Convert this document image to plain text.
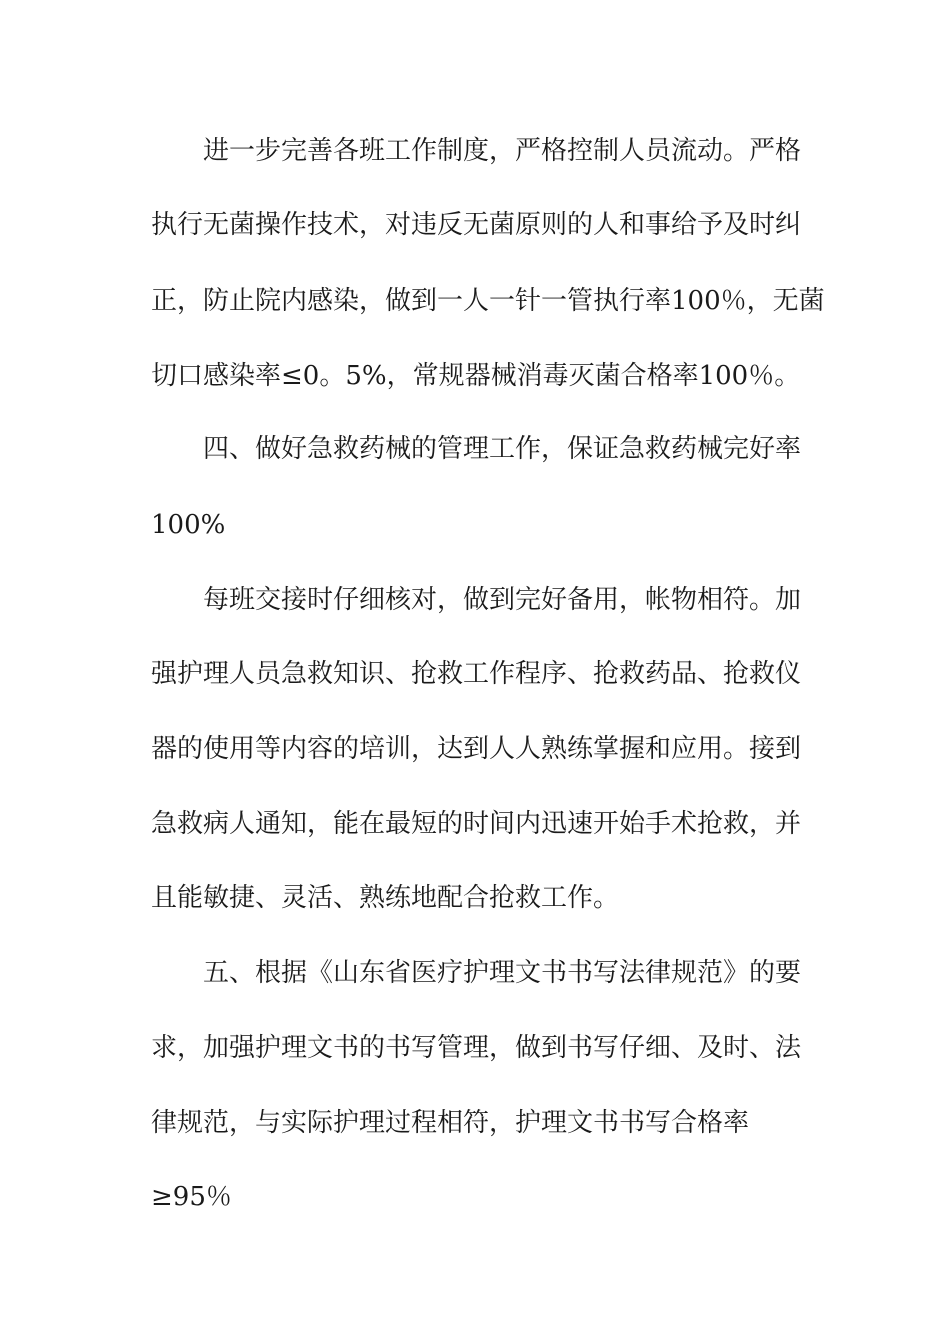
进一步完善各班工作制度，严格控制人员流动。严格

执行无菌操作技术，对违反无菌原则的人和事给予及时纠

正，防止院内感染，做到一人一针一管执行率100％，无菌

切口感染率≤0。5%，常规器械消毒灭菌合格率100％。

四、做好急救药械的管理工作，保证急救药械完好率

100%

每班交接时仔细核对，做到完好备用，帐物相符。加

强护理人员急救知识、抢救工作程序、抢救药品、抢救仪

器的使用等内容的培训，达到人人熟练掌握和应用。接到

急救病人通知，能在最短的时间内迅速开始手术抢救，并

且能敏捷、灵活、熟练地配合抢救工作。

五、根据《山东省医疗护理文书书写法律规范》的要

求，加强护理文书的书写管理，做到书写仔细、及时、法

律规范，与实际护理过程相符，护理文书书写合格率

≥95％
